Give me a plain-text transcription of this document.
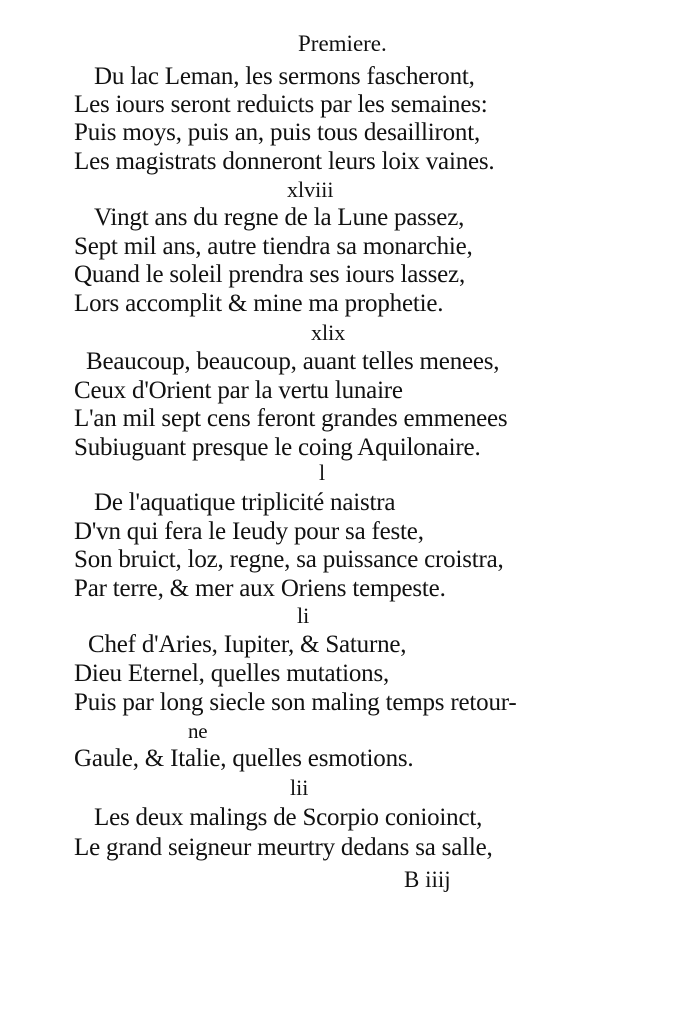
Premiere.
Du lac Leman, les sermons fascheront,
Les iours seront reduicts par les semaines:
Puis moys, puis an, puis tous desailliront,
Les magistrats donneront leurs loix vaines.
xlviii
Vingt ans du regne de la Lune passez,
Sept mil ans, autre tiendra sa monarchie,
Quand le soleil prendra ses iours lassez,
Lors accomplit & mine ma prophetie.
xlix
Beaucoup, beaucoup, auant telles menees,
Ceux d'Orient par la vertu lunaire
L'an mil sept cens feront grandes emmenees
Subiuguant presque le coing Aquilonaire.
l
De l'aquatique triplicité naistra
D'vn qui fera le Ieudy pour sa feste,
Son bruict, loz, regne, sa puissance croistra,
Par terre, & mer aux Oriens tempeste.
li
Chef d'Aries, Iupiter, & Saturne,
Dieu Eternel, quelles mutations,
Puis par long siecle son maling temps retour-
ne
Gaule, & Italie, quelles esmotions.
lii
Les deux malings de Scorpio conioinct,
Le grand seigneur meurtry dedans sa salle,
B iiij
